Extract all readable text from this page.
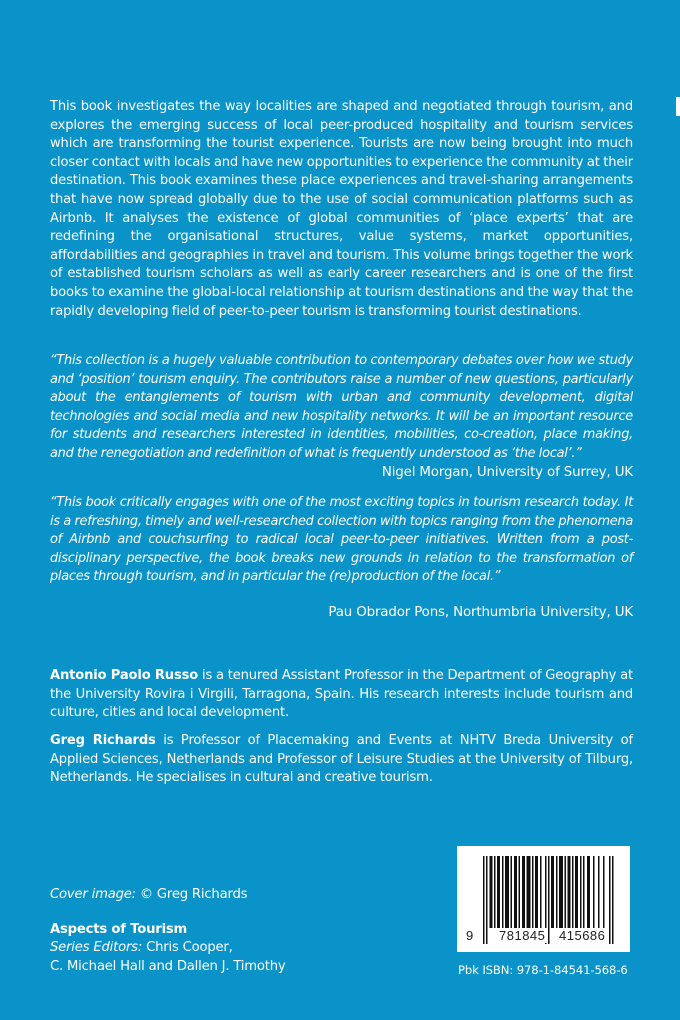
This book investigates the way localities are shaped and negotiated through tourism, and explores the emerging success of local peer-produced hospitality and tourism services which are transforming the tourist experience. Tourists are now being brought into much closer contact with locals and have new opportunities to experience the community at their destination. This book examines these place experiences and travel-sharing arrangements that have now spread globally due to the use of social communication platforms such as Airbnb. It analyses the existence of global communities of ‘place experts’ that are redefining the organisational structures, value systems, market opportunities, affordabilities and geographies in travel and tourism. This volume brings together the work of established tourism scholars as well as early career researchers and is one of the first books to examine the global-local relationship at tourism destinations and the way that the rapidly developing field of peer-to-peer tourism is transforming tourist destinations.

“This collection is a hugely valuable contribution to contemporary debates over how we study and ‘position’ tourism enquiry. The contributors raise a number of new questions, particularly about the entanglements of tourism with urban and community development, digital technologies and social media and new hospitality networks. It will be an important resource for students and researchers interested in identities, mobilities, co-creation, place making, and the renegotiation and redefinition of what is frequently understood as ‘the local’.”

Nigel Morgan, University of Surrey, UK

“This book critically engages with one of the most exciting topics in tourism research today. It is a refreshing, timely and well-researched collection with topics ranging from the phenomena of Airbnb and couchsurfing to radical local peer-to-peer initiatives. Written from a post-disciplinary perspective, the book breaks new grounds in relation to the transformation of places through tourism, and in particular the (re)production of the local.”

Pau Obrador Pons, Northumbria University, UK

Antonio Paolo Russo is a tenured Assistant Professor in the Department of Geography at the University Rovira i Virgili, Tarragona, Spain. His research interests include tourism and culture, cities and local development.

Greg Richards is Professor of Placemaking and Events at NHTV Breda University of Applied Sciences, Netherlands and Professor of Leisure Studies at the University of Tilburg, Netherlands. He specialises in cultural and creative tourism.

Cover image: © Greg Richards
Aspects of Tourism
Series Editors: Chris Cooper,
C. Michael Hall and Dallen J. Timothy
9 781845 415686
Pbk ISBN: 978-1-84541-568-6
